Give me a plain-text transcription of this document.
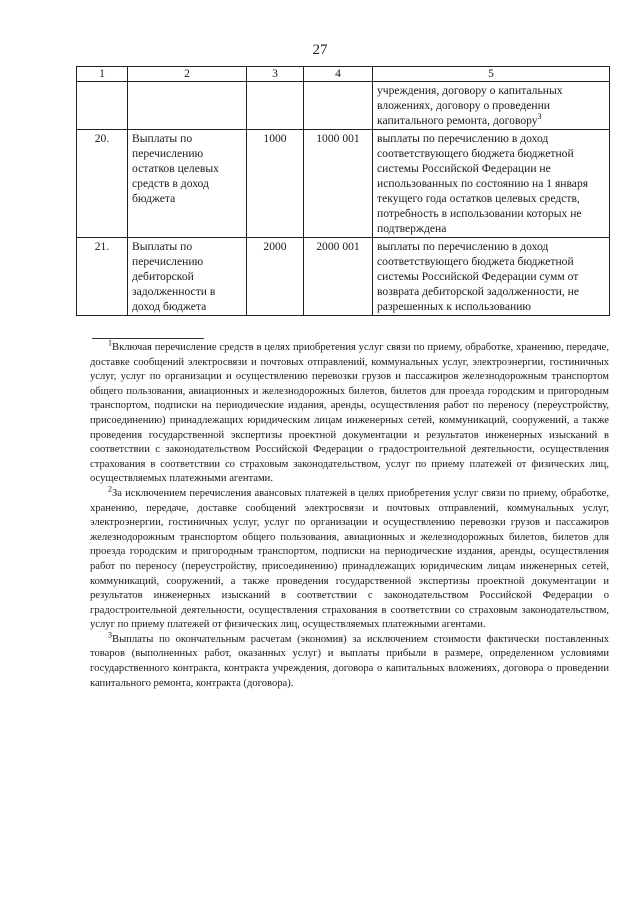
27
1	2	3	4	5
				учреждения, договору о капитальных вложениях, договору о проведении капитального ремонта, договору$^3$
20.	Выплаты по перечислению остатков целевых средств в доход бюджета	1000	1000 001	выплаты по перечислению в доход соответствующего бюджета бюджетной системы Российской Федерации не использованных по состоянию на 1 января текущего года остатков целевых средств, потребность в использовании которых не подтверждена
21.	Выплаты по перечислению дебиторской задолженности в доход бюджета	2000	2000 001	выплаты по перечислению в доход соответствующего бюджета бюджетной системы Российской Федерации сумм от возврата дебиторской задолженности, не разрешенных к использованию

$^1$Включая перечисление средств в целях приобретения услуг связи по приему, обработке, хранению, передаче, доставке сообщений электросвязи и почтовых отправлений, коммунальных услуг, электроэнергии, гостиничных услуг, услуг по организации и осуществлению перевозки грузов и пассажиров железнодорожным транспортом общего пользования, авиационных и железнодорожных билетов, билетов для проезда городским и пригородным транспортом, подписки на периодические издания, аренды, осуществления работ по переносу (переустройству, присоединению) принадлежащих юридическим лицам инженерных сетей, коммуникаций, сооружений, а также проведения государственной экспертизы проектной документации и результатов инженерных изысканий в соответствии с законодательством Российской Федерации о градостроительной деятельности, осуществления страхования в соответствии со страховым законодательством, услуг по приему платежей от физических лиц, осуществляемых платежными агентами.

$^2$За исключением перечисления авансовых платежей в целях приобретения услуг связи по приему, обработке, хранению, передаче, доставке сообщений электросвязи и почтовых отправлений, коммунальных услуг, электроэнергии, гостиничных услуг, услуг по организации и осуществлению перевозки грузов и пассажиров железнодорожным транспортом общего пользования, авиационных и железнодорожных билетов, билетов для проезда городским и пригородным транспортом, подписки на периодические издания, аренды, осуществления работ по переносу (переустройству, присоединению) принадлежащих юридическим лицам инженерных сетей, коммуникаций, сооружений, а также проведения государственной экспертизы проектной документации и результатов инженерных изысканий в соответствии с законодательством Российской Федерации о градостроительной деятельности, осуществления страхования в соответствии со страховым законодательством, услуг по приему платежей от физических лиц, осуществляемых платежными агентами.

$^3$Выплаты по окончательным расчетам (экономия) за исключением стоимости фактически поставленных товаров (выполненных работ, оказанных услуг) и выплаты прибыли в размере, определенном условиями государственного контракта, контракта учреждения, договора о капитальных вложениях, договора о проведении капитального ремонта, контракта (договора).
